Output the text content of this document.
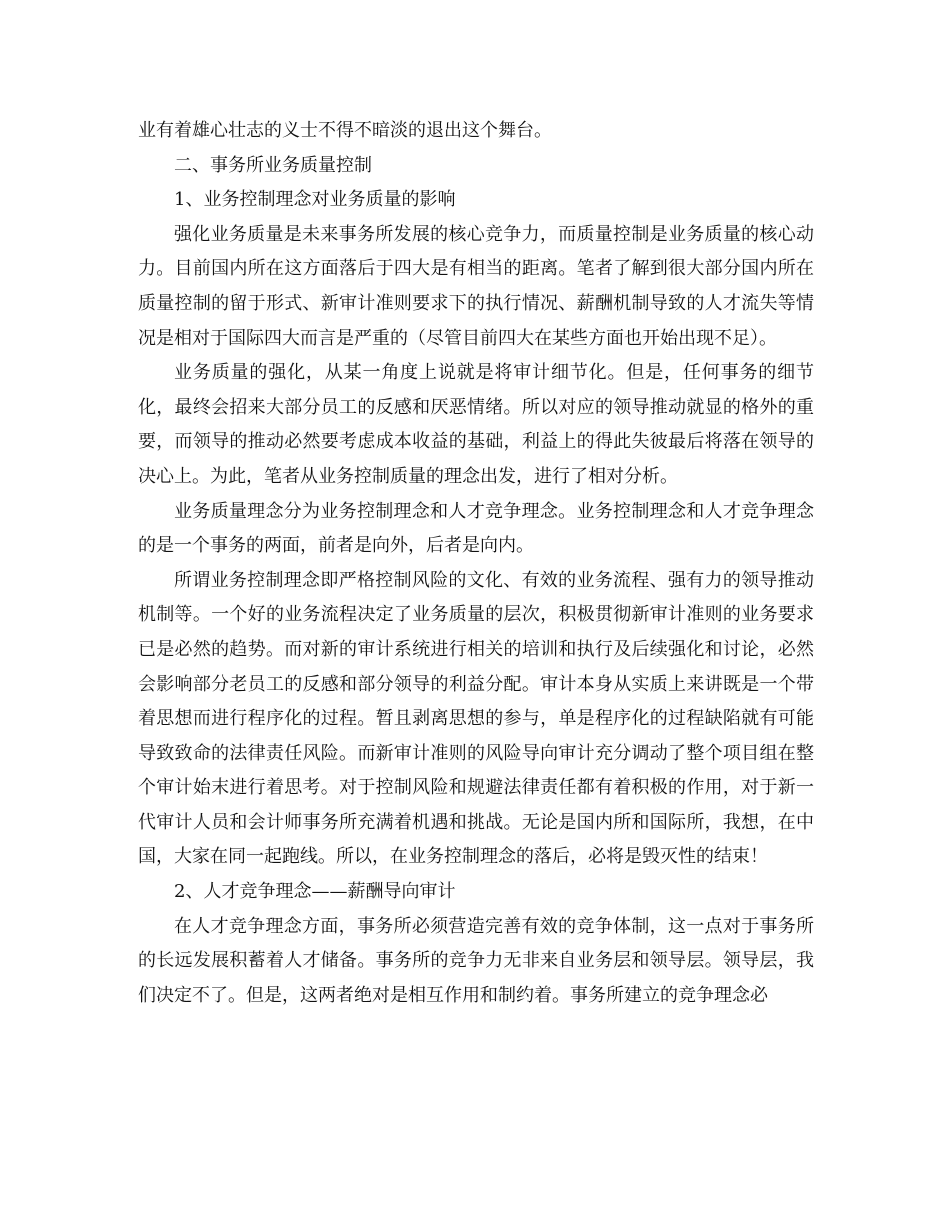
业有着雄心壮志的义士不得不暗淡的退出这个舞台。

二、事务所业务质量控制

1、业务控制理念对业务质量的影响

强化业务质量是未来事务所发展的核心竞争力，而质量控制是业务质量的核心动力。目前国内所在这方面落后于四大是有相当的距离。笔者了解到很大部分国内所在质量控制的留于形式、新审计准则要求下的执行情况、薪酬机制导致的人才流失等情况是相对于国际四大而言是严重的（尽管目前四大在某些方面也开始出现不足）。

业务质量的强化，从某一角度上说就是将审计细节化。但是，任何事务的细节化，最终会招来大部分员工的反感和厌恶情绪。所以对应的领导推动就显的格外的重要，而领导的推动必然要考虑成本收益的基础，利益上的得此失彼最后将落在领导的决心上。为此，笔者从业务控制质量的理念出发，进行了相对分析。

业务质量理念分为业务控制理念和人才竞争理念。业务控制理念和人才竞争理念的是一个事务的两面，前者是向外，后者是向内。

所谓业务控制理念即严格控制风险的文化、有效的业务流程、强有力的领导推动机制等。一个好的业务流程决定了业务质量的层次，积极贯彻新审计准则的业务要求已是必然的趋势。而对新的审计系统进行相关的培训和执行及后续强化和讨论，必然会影响部分老员工的反感和部分领导的利益分配。审计本身从实质上来讲既是一个带着思想而进行程序化的过程。暂且剥离思想的参与，单是程序化的过程缺陷就有可能导致致命的法律责任风险。而新审计准则的风险导向审计充分调动了整个项目组在整个审计始末进行着思考。对于控制风险和规避法律责任都有着积极的作用，对于新一代审计人员和会计师事务所充满着机遇和挑战。无论是国内所和国际所，我想，在中国，大家在同一起跑线。所以，在业务控制理念的落后，必将是毁灭性的结束！

2、人才竞争理念——薪酬导向审计

在人才竞争理念方面，事务所必须营造完善有效的竞争体制，这一点对于事务所的长远发展积蓄着人才储备。事务所的竞争力无非来自业务层和领导层。领导层，我们决定不了。但是，这两者绝对是相互作用和制约着。事务所建立的竞争理念必
